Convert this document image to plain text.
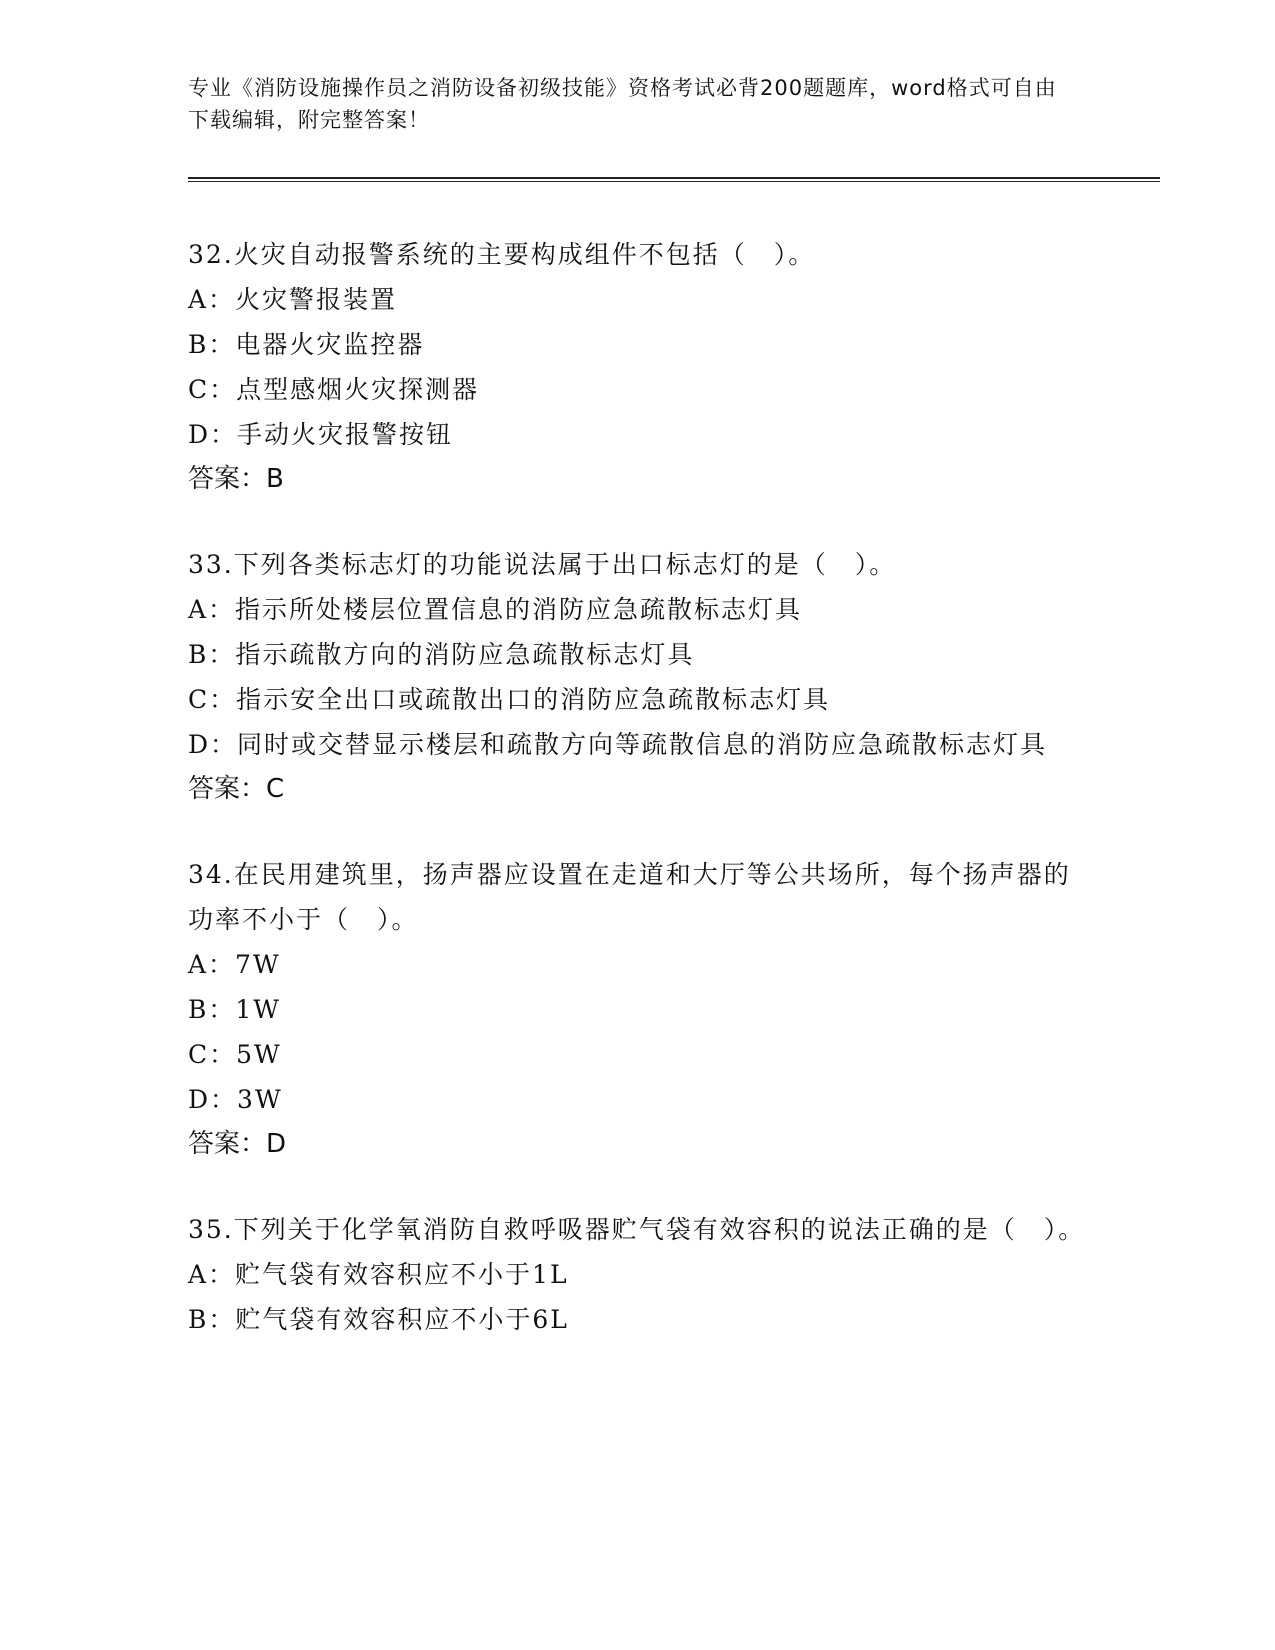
专业《消防设施操作员之消防设备初级技能》资格考试必背200题题库，word格式可自由下载编辑，附完整答案！
32.火灾自动报警系统的主要构成组件不包括（　）。
A：火灾警报装置
B：电器火灾监控器
C：点型感烟火灾探测器
D：手动火灾报警按钮
答案：B
33.下列各类标志灯的功能说法属于出口标志灯的是（　）。
A：指示所处楼层位置信息的消防应急疏散标志灯具
B：指示疏散方向的消防应急疏散标志灯具
C：指示安全出口或疏散出口的消防应急疏散标志灯具
D：同时或交替显示楼层和疏散方向等疏散信息的消防应急疏散标志灯具
答案：C
34.在民用建筑里，扬声器应设置在走道和大厅等公共场所，每个扬声器的功率不小于（　）。
A：7W
B：1W
C：5W
D：3W
答案：D
35.下列关于化学氧消防自救呼吸器贮气袋有效容积的说法正确的是（　）。
A：贮气袋有效容积应不小于1L
B：贮气袋有效容积应不小于6L
